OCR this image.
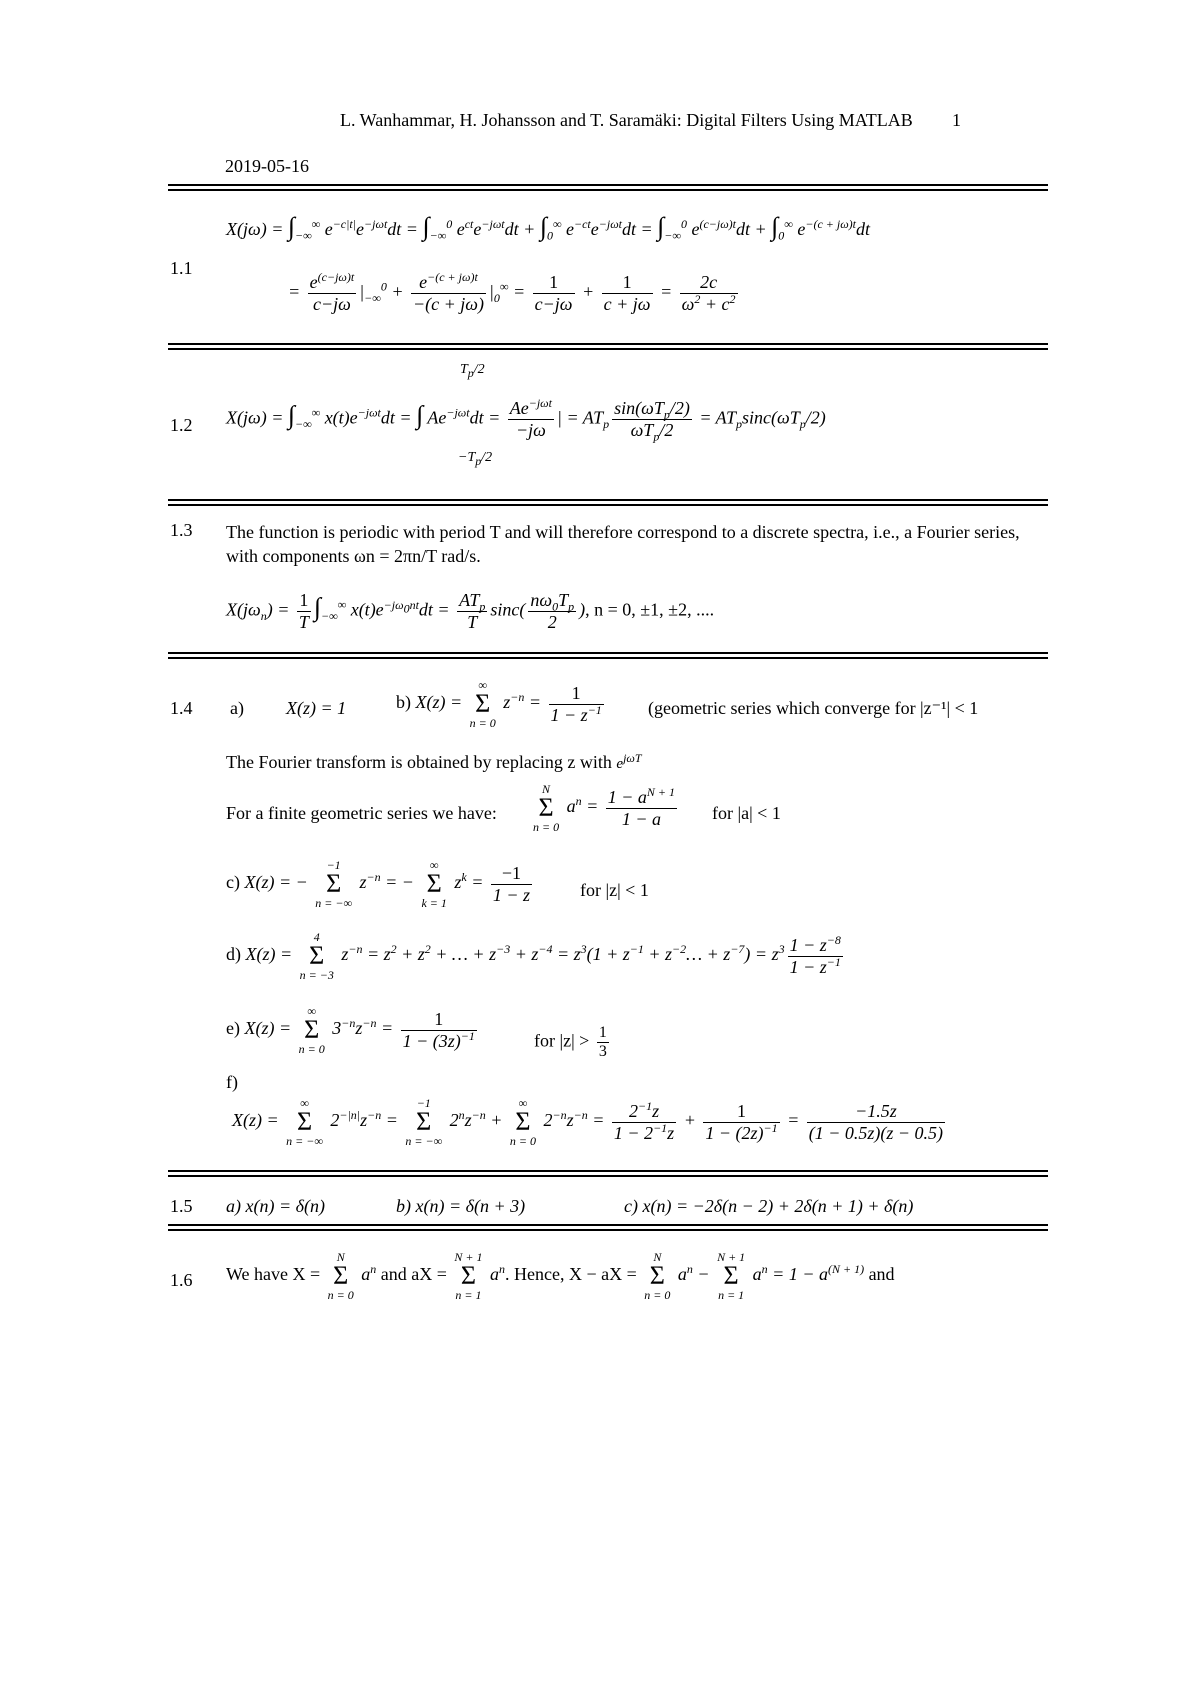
L. Wanhammar, H. Johansson and T. Saramäki: Digital Filters Using MATLAB 1
2019-05-16
1.1
$X(j\omega) = \int_{-\infty}^\infty$ $e^{-c|t|}e^{-j\omega t}dt = \int_{-\infty}^0$ $e^{ct}e^{-j\omega t}dt + \int_0^\infty$ $e^{-ct}e^{-j\omega t}dt = \int_{-\infty}^0$ $e^{(c-j\omega)t}dt + \int_0^\infty$ $e^{-(c + j\omega)t}dt$
= $\frac{e^{(c-j\omega)t}}{c-j\omega} |_{-\infty}^0 + \frac{e^{-(c + j\omega)t}}{-(c + j\omega)} |_0^\infty = \frac{1}{c-j\omega} + \frac{1}{c + j\omega} = \frac{2c}{\omega^2 + c^2}$
1.2 $X(j\omega) = \int_{-\infty}^\infty$ $x(t)e^{-j\omega t}dt$ = ∫ $Ae^{-j\omega t}dt = \frac{Ae^{-j\omega t}}{-j\omega}$ | = $AT_p \frac{\sin(\omega T_p/2)}{\omega T_p/2} = AT_p\sin c(\omega T_p/2)$
$T_p/2$
$-T_p/2$
1.3 The function is periodic with period T and will therefore correspond to a discrete spectra, i.e., a Fourier series, with components ωn = 2πn/T rad/s.
$X(j\omega_n) = \frac{1}{T} \int_{-\infty}^\infty$ $x(t)e^{-j\omega_0nt}dt = \frac{AT_p}{T} \sin c( \frac{n\omega_0T_p}{2}$ ), n = 0, ±1, ±2, ....
1.4 a) X(z) = 1	b) X(z) =
∞
Σ
n = 0
$z^{-n} = \frac{1}{1 - z^{-1}}$ (geometric series which converge for |z⁻¹| < 1
The Fourier transform is obtained by replacing z with $e^{j\omega T}$
For a finite geometric series we have:
N
Σ
n = 0
$a^n = \frac{1 - a^{N + 1}}{1 - a}$ for |a| < 1
c) X(z) = −
−1
Σ
n = −∞
$z^{-n}$ = −
∞
Σ
k = 1
$z^k = \frac{-1}{1 - z}$	for |z| < 1
d) X(z) =
4
Σ
n = −3
$z^{-n} = z^2 + z^2$ + … + $z^{-3} + z^{-4} = z^3(1 + z^{-1}$ + $z^{-2}\dots + z^{-7}) = z^3 \frac{1 - z^{-8}}{1 - z^{-1}}$
e) X(z) =
∞
Σ
n = 0
$3^{-n}z^{-n} = \frac{1}{1 - (3z)^{-1}}$	for $|z| > \frac{1}{3}$
f)
X(z) =
∞
Σ
n = −∞
$2^{-|n|}z^{-n}$ =
−1
Σ
n = −∞
$2^nz^{-n}$ +
∞
Σ
n = 0
$2^{-n}z^{-n} = \frac{2^{-1}z}{1 - 2^{-1}z} + \frac{1}{1 - (2z)^{-1}} = \frac{-1.5z}{(1 - 0.5z)(z - 0.5)}$
1.5 a) x(n) = δ(n)	b) x(n) = δ(n + 3)	c) x(n) = −2δ(n − 2) + 2δ(n + 1) + δ(n)
1.6 We have X =
N
Σ
n = 0
$a^n$ and aX =
N + 1
Σ
n = 1
$a^n$. Hence, X − aX =
N
Σ
n = 0
$a^n$ −
N + 1
Σ
n = 1
$a^n = 1 - a^{(N + 1)}$ and
